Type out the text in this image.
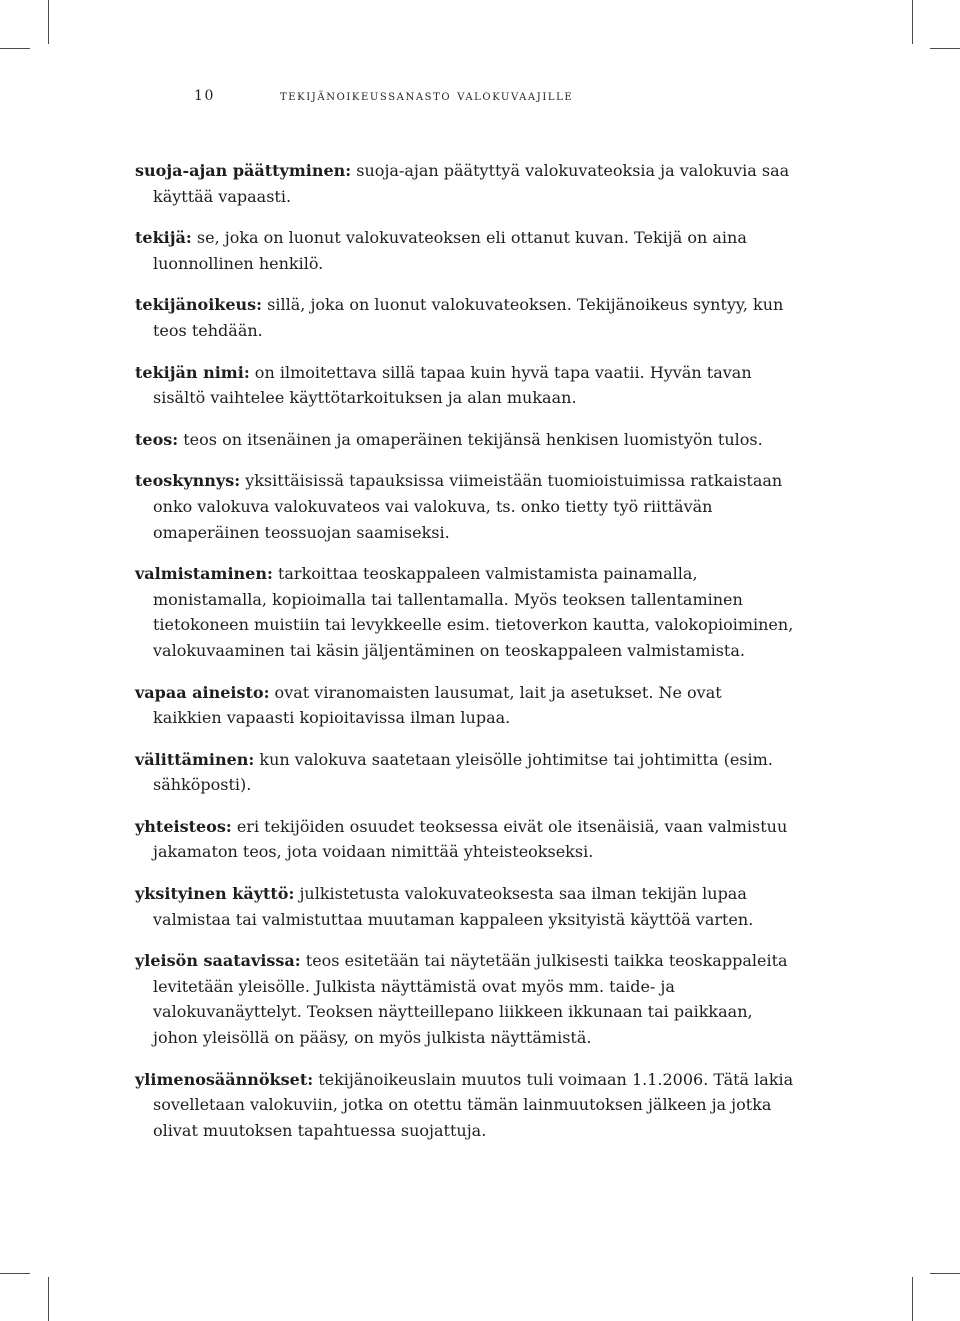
10	tekijänoikeussanasto valokuvaajille

suoja-ajan päättyminen: suoja-ajan päätyttyä valokuvateoksia ja valokuvia saa käyttää vapaasti.

tekijä: se, joka on luonut valokuvateoksen eli ottanut kuvan. Tekijä on aina luonnollinen henkilö.

tekijänoikeus: sillä, joka on luonut valokuvateoksen. Tekijänoikeus syntyy, kun teos tehdään.

tekijän nimi: on ilmoitettava sillä tapaa kuin hyvä tapa vaatii. Hyvän tavan sisältö vaihtelee käyttötarkoituksen ja alan mukaan.

teos: teos on itsenäinen ja omaperäinen tekijänsä henkisen luomistyön tulos.

teoskynnys: yksittäisissä tapauksissa viimeistään tuomioistuimissa ratkaistaan onko valokuva valokuvateos vai valokuva, ts. onko tietty työ riittävän omaperäinen teossuojan saamiseksi.

valmistaminen: tarkoittaa teoskappaleen valmistamista painamalla, monistamalla, kopioimalla tai tallentamalla. Myös teoksen tallentaminen tietokoneen muistiin tai levykkeelle esim. tietoverkon kautta, valokopioiminen, valokuvaaminen tai käsin jäljentäminen on teoskappaleen valmistamista.

vapaa aineisto: ovat viranomaisten lausumat, lait ja asetukset. Ne ovat kaikkien vapaasti kopioitavissa ilman lupaa.

välittäminen: kun valokuva saatetaan yleisölle johtimitse tai johtimitta (esim. sähköposti).

yhteisteos: eri tekijöiden osuudet teoksessa eivät ole itsenäisiä, vaan valmistuu jakamaton teos, jota voidaan nimittää yhteisteokseksi.

yksityinen käyttö: julkistetusta valokuvateoksesta saa ilman tekijän lupaa valmistaa tai valmistuttaa muutaman kappaleen yksityistä käyttöä varten.

yleisön saatavissa: teos esitetään tai näytetään julkisesti taikka teoskappaleita levitetään yleisölle. Julkista näyttämistä ovat myös mm. taide- ja valokuvanäyttelyt. Teoksen näytteillepano liikkeen ikkunaan tai paikkaan, johon yleisöllä on pääsy, on myös julkista näyttämistä.

ylimenosäännökset: tekijänoikeuslain muutos tuli voimaan 1.1.2006. Tätä lakia sovelletaan valokuviin, jotka on otettu tämän lainmuutoksen jälkeen ja jotka olivat muutoksen tapahtuessa suojattuja.
